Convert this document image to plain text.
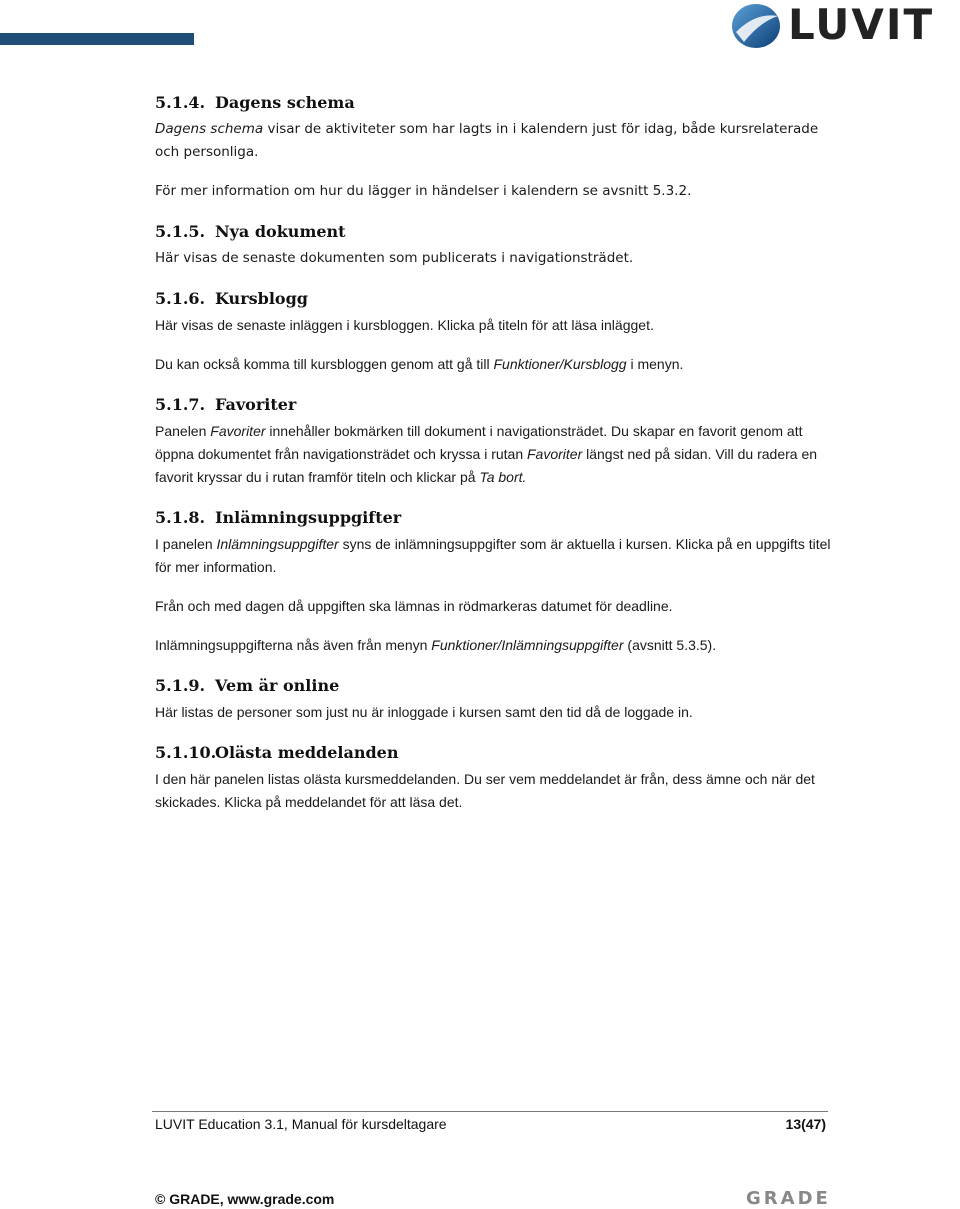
LUVIT
5.1.4. Dagens schema

Dagens schema visar de aktiviteter som har lagts in i kalendern just för idag, både kursrelaterade och personliga.

För mer information om hur du lägger in händelser i kalendern se avsnitt 5.3.2.

5.1.5. Nya dokument

Här visas de senaste dokumenten som publicerats i navigationsträdet.

5.1.6. Kursblogg

Här visas de senaste inläggen i kursbloggen. Klicka på titeln för att läsa inlägget.

Du kan också komma till kursbloggen genom att gå till Funktioner/Kursblogg i menyn.

5.1.7. Favoriter

Panelen Favoriter innehåller bokmärken till dokument i navigationsträdet. Du skapar en favorit genom att öppna dokumentet från navigationsträdet och kryssa i rutan Favoriter längst ned på sidan. Vill du radera en favorit kryssar du i rutan framför titeln och klickar på Ta bort.

5.1.8. Inlämningsuppgifter

I panelen Inlämningsuppgifter syns de inlämningsuppgifter som är aktuella i kursen. Klicka på en uppgifts titel för mer information.

Från och med dagen då uppgiften ska lämnas in rödmarkeras datumet för deadline.

Inlämningsuppgifterna nås även från menyn Funktioner/Inlämningsuppgifter (avsnitt 5.3.5).

5.1.9. Vem är online

Här listas de personer som just nu är inloggade i kursen samt den tid då de loggade in.

5.1.10.Olästa meddelanden

I den här panelen listas olästa kursmeddelanden. Du ser vem meddelandet är från, dess ämne och när det skickades. Klicka på meddelandet för att läsa det.

LUVIT Education 3.1, Manual för kursdeltagare	13(47)
© GRADE, www.grade.com	GRADE
